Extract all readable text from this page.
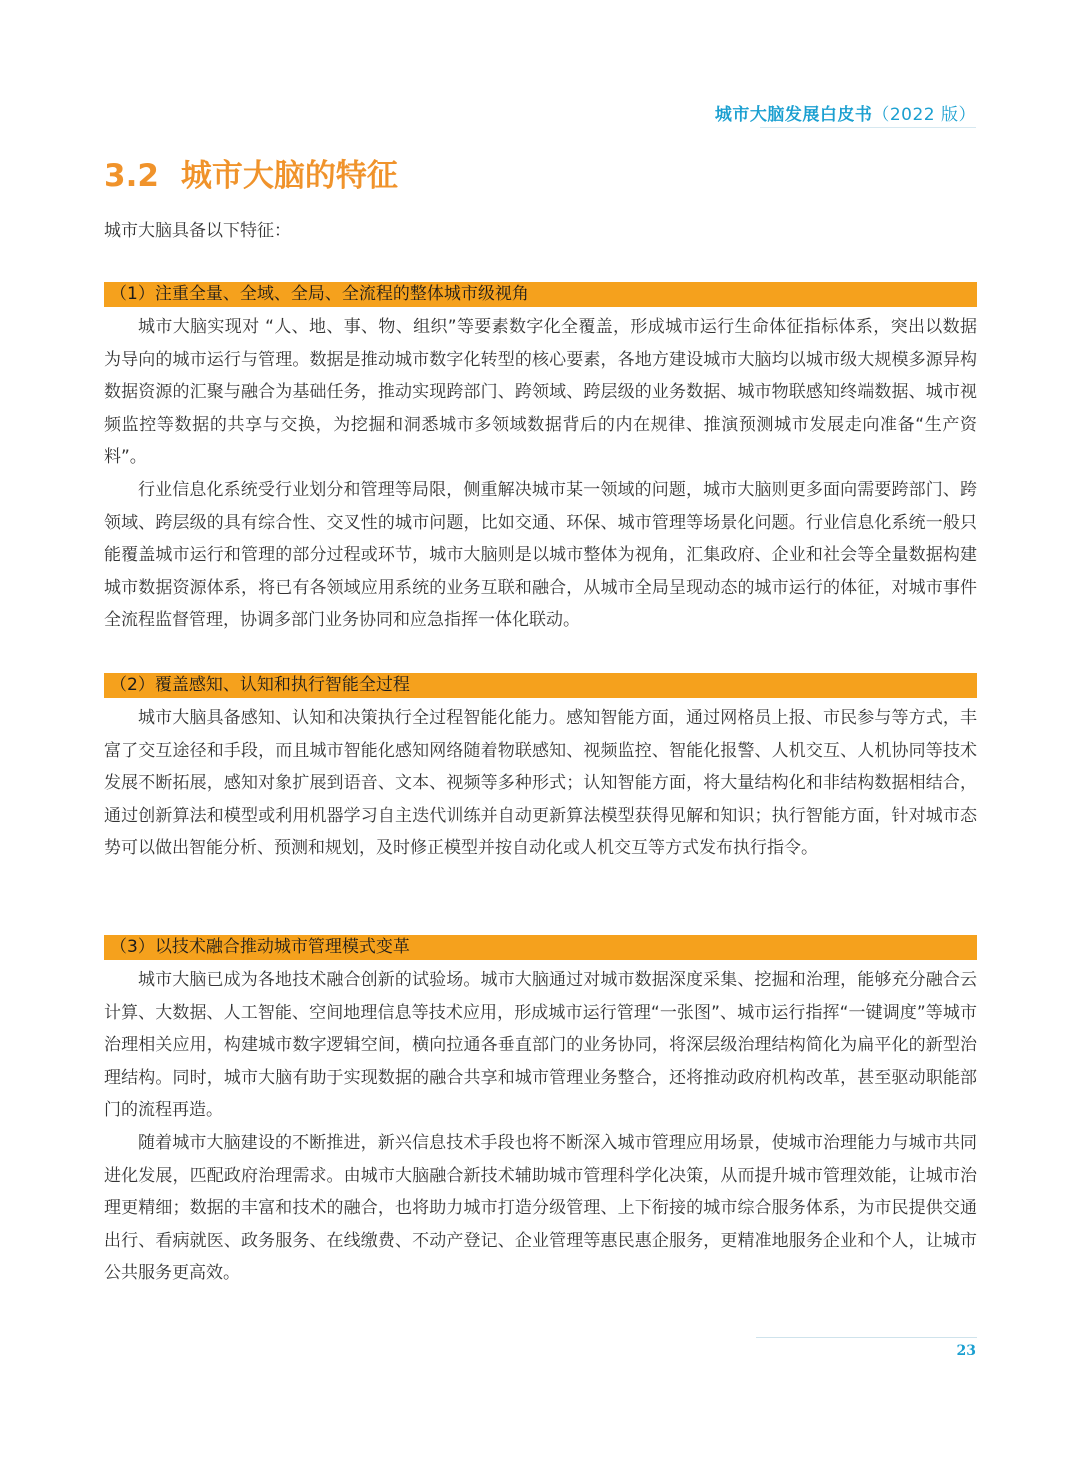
城市大脑发展白皮书（2022 版）
3.2 城市大脑的特征
城市大脑具备以下特征：
（1）注重全量、全域、全局、全流程的整体城市级视角

城市大脑实现对 “人、地、事、物、组织”等要素数字化全覆盖，形成城市运行生命体征指标体系，突出以数据为导向的城市运行与管理。数据是推动城市数字化转型的核心要素，各地方建设城市大脑均以城市级大规模多源异构数据资源的汇聚与融合为基础任务，推动实现跨部门、跨领域、跨层级的业务数据、城市物联感知终端数据、城市视频监控等数据的共享与交换，为挖掘和洞悉城市多领域数据背后的内在规律、推演预测城市发展走向准备“生产资料”。

行业信息化系统受行业划分和管理等局限，侧重解决城市某一领域的问题，城市大脑则更多面向需要跨部门、跨领域、跨层级的具有综合性、交叉性的城市问题，比如交通、环保、城市管理等场景化问题。行业信息化系统一般只能覆盖城市运行和管理的部分过程或环节，城市大脑则是以城市整体为视角，汇集政府、企业和社会等全量数据构建城市数据资源体系，将已有各领域应用系统的业务互联和融合，从城市全局呈现动态的城市运行的体征，对城市事件全流程监督管理，协调多部门业务协同和应急指挥一体化联动。

（2）覆盖感知、认知和执行智能全过程

城市大脑具备感知、认知和决策执行全过程智能化能力。感知智能方面，通过网格员上报、市民参与等方式，丰富了交互途径和手段，而且城市智能化感知网络随着物联感知、视频监控、智能化报警、人机交互、人机协同等技术发展不断拓展，感知对象扩展到语音、文本、视频等多种形式；认知智能方面，将大量结构化和非结构数据相结合，通过创新算法和模型或利用机器学习自主迭代训练并自动更新算法模型获得见解和知识；执行智能方面，针对城市态势可以做出智能分析、预测和规划，及时修正模型并按自动化或人机交互等方式发布执行指令。

（3）以技术融合推动城市管理模式变革

城市大脑已成为各地技术融合创新的试验场。城市大脑通过对城市数据深度采集、挖掘和治理，能够充分融合云计算、大数据、人工智能、空间地理信息等技术应用，形成城市运行管理“一张图”、城市运行指挥“一键调度”等城市治理相关应用，构建城市数字逻辑空间，横向拉通各垂直部门的业务协同，将深层级治理结构简化为扁平化的新型治理结构。同时，城市大脑有助于实现数据的融合共享和城市管理业务整合，还将推动政府机构改革，甚至驱动职能部门的流程再造。

随着城市大脑建设的不断推进，新兴信息技术手段也将不断深入城市管理应用场景，使城市治理能力与城市共同进化发展，匹配政府治理需求。由城市大脑融合新技术辅助城市管理科学化决策，从而提升城市管理效能，让城市治理更精细；数据的丰富和技术的融合，也将助力城市打造分级管理、上下衔接的城市综合服务体系，为市民提供交通出行、看病就医、政务服务、在线缴费、不动产登记、企业管理等惠民惠企服务，更精准地服务企业和个人，让城市公共服务更高效。

23
